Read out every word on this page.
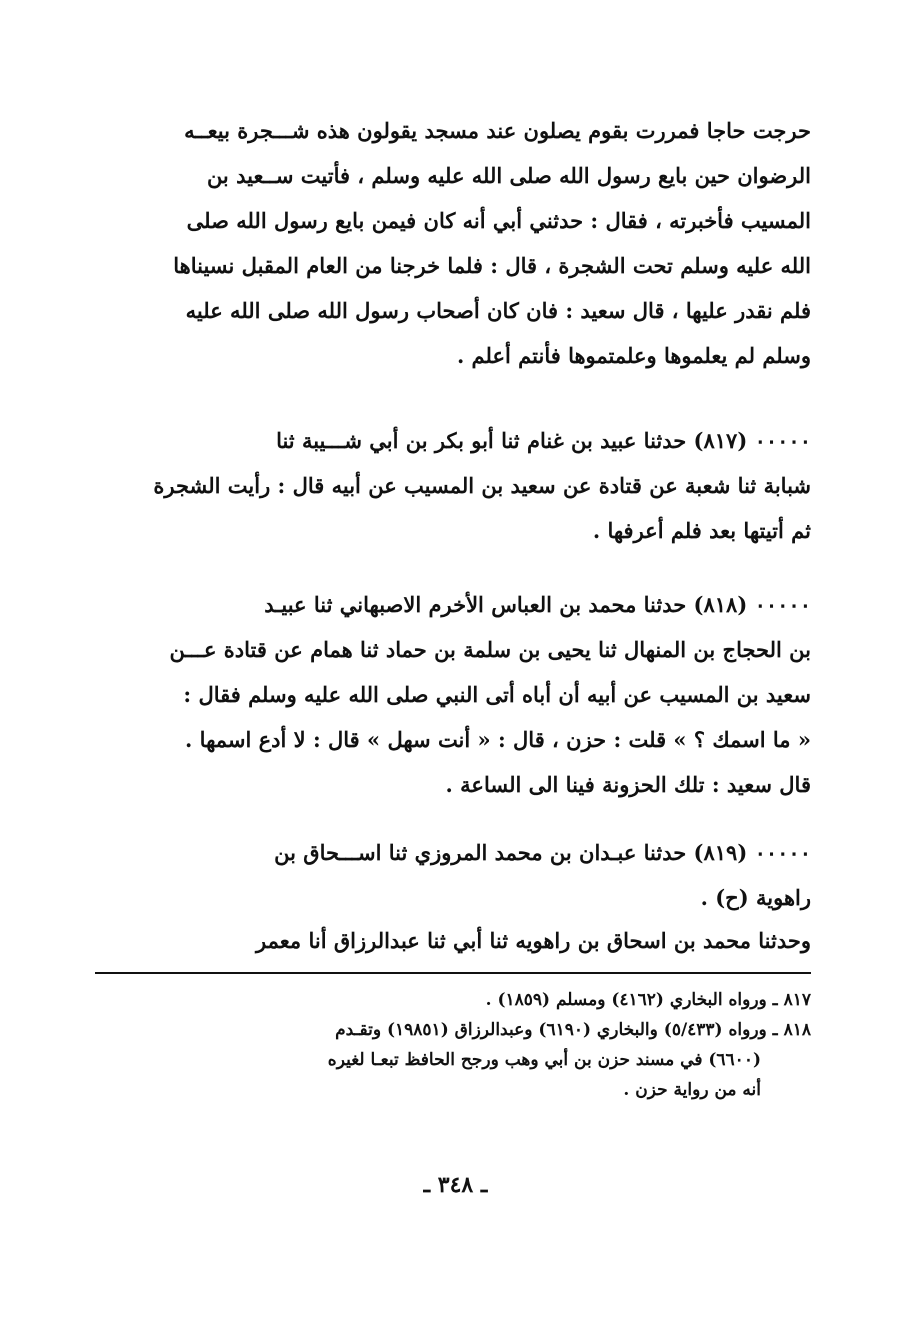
حرجت حاجا فمررت بقوم يصلون عند مسجد يقولون هذه شـــجرة بيعــه
الرضوان حين بايع رسول الله صلى الله عليه وسلم ، فأتيت ســعيد بن
المسيب فأخبرته ، فقال : حدثني أبي أنه كان فيمن بايع رسول الله صلى
الله عليه وسلم تحت الشجرة ، قال : فلما خرجنا من العام المقبل نسيناها
فلم نقدر عليها ، قال سعيد : فان كان أصحاب رسول الله صلى الله عليه
وسلم لم يعلموها وعلمتموها فأنتم أعلم .
٠٠٠٠٠ (٨١٧) حدثنا عبيد بن غنام ثنا أبو بكر بن أبي شـــيبة ثنا
شبابة ثنا شعبة عن قتادة عن سعيد بن المسيب عن أبيه قال : رأيت الشجرة
ثم أتيتها بعد فلم أعرفها .
٠٠٠٠٠ (٨١٨) حدثنا محمد بن العباس الأخرم الاصبهاني ثنا عبيـد
بن الحجاج بن المنهال ثنا يحيى بن سلمة بن حماد ثنا همام عن قتادة عـــن
سعيد بن المسيب عن أبيه أن أباه أتى النبي صلى الله عليه وسلم فقال :
« ما اسمك ؟ » قلت : حزن ، قال : « أنت سهل » قال : لا أدع اسمها .
قال سعيد : تلك الحزونة فينا الى الساعة .
٠٠٠٠٠ (٨١٩) حدثنا عبـدان بن محمد المروزي ثنا اســـحاق بن
راهوية (ح) .
وحدثنا محمد بن اسحاق بن راهويه ثنا أبي ثنا عبدالرزاق أنا معمر
٨١٧ ـ ورواه البخاري (٤١٦٢) ومسلم (١٨٥٩) .
٨١٨ ـ ورواه (٥/٤٣٣) والبخاري (٦١٩٠) وعبدالرزاق (١٩٨٥١) وتقـدم
(٦٦٠٠) في مسند حزن بن أبي وهب ورجح الحافظ تبعـا لغيره
أنه من رواية حزن .
ـ ٣٤٨ ـ
